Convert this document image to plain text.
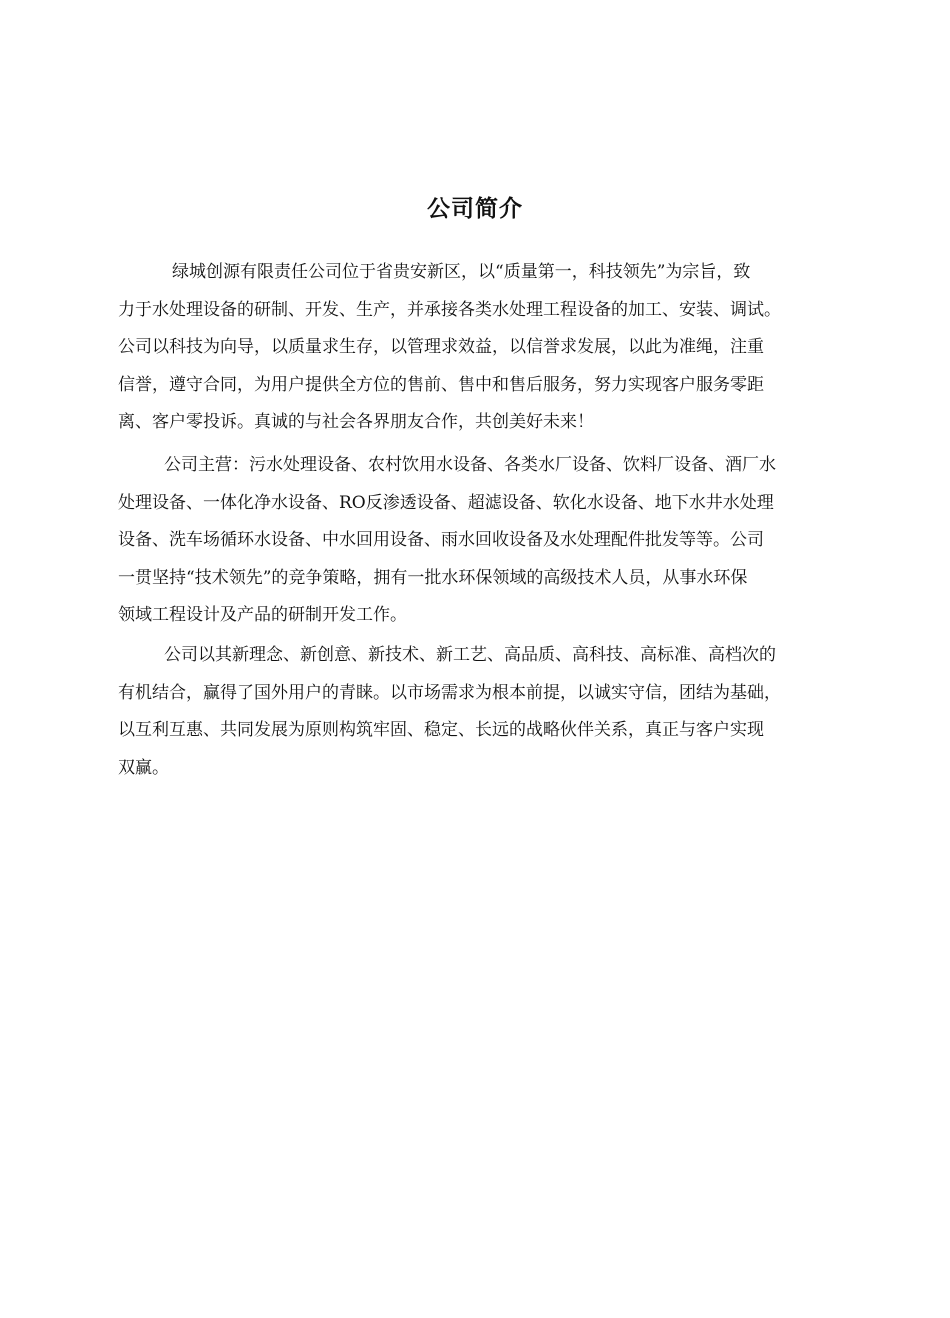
公司简介
绿城创源有限责任公司位于省贵安新区，以“质量第一，科技领先”为宗旨，致
力于水处理设备的研制、开发、生产，并承接各类水处理工程设备的加工、安装、调试。
公司以科技为向导，以质量求生存，以管理求效益，以信誉求发展，以此为准绳，注重
信誉，遵守合同，为用户提供全方位的售前、售中和售后服务，努力实现客户服务零距
离、客户零投诉。真诚的与社会各界朋友合作，共创美好未来！
公司主营：污水处理设备、农村饮用水设备、各类水厂设备、饮料厂设备、酒厂水
处理设备、一体化净水设备、RO反渗透设备、超滤设备、软化水设备、地下水井水处理
设备、洗车场循环水设备、中水回用设备、雨水回收设备及水处理配件批发等等。公司
一贯坚持“技术领先”的竞争策略，拥有一批水环保领域的高级技术人员，从事水环保
领域工程设计及产品的研制开发工作。
公司以其新理念、新创意、新技术、新工艺、高品质、高科技、高标准、高档次的
有机结合，赢得了国外用户的青睐。以市场需求为根本前提，以诚实守信，团结为基础，
以互利互惠、共同发展为原则构筑牢固、稳定、长远的战略伙伴关系，真正与客户实现
双赢。
